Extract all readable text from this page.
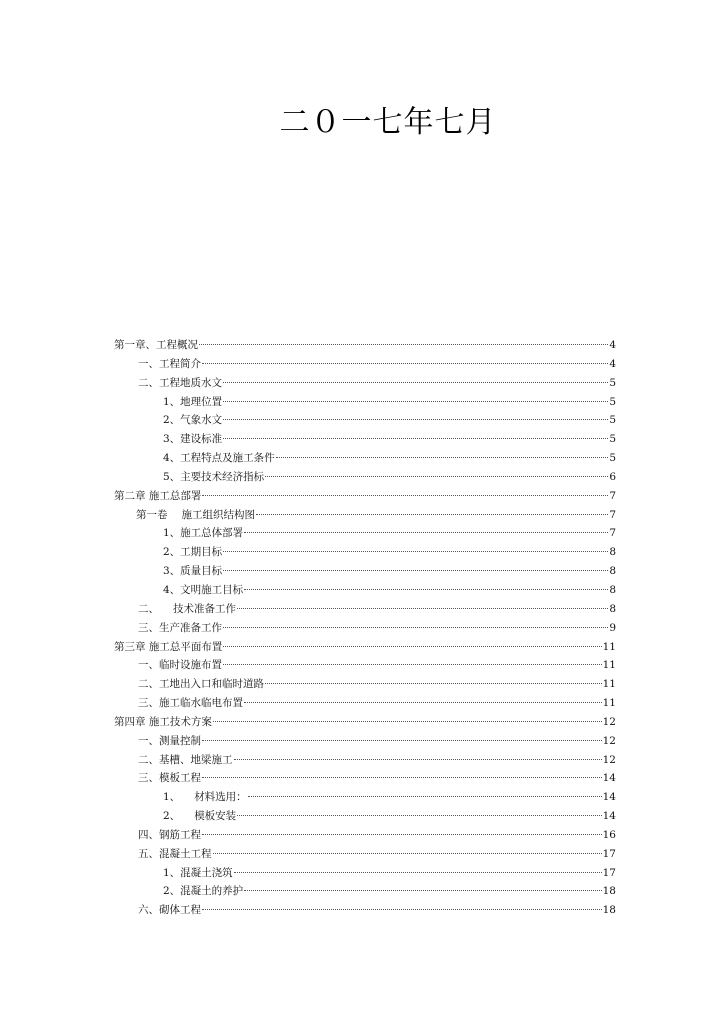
二０一七年七月
第一章、工程概况	4
一、工程简介	4
二、工程地质水文	5
1、地理位置	5
2、气象水文	5
3、建设标准	5
4、工程特点及施工条件	5
5、主要技术经济指标	6
第二章 施工总部署	7
第一卷 施工组织结构图	7
1、施工总体部署	7
2、工期目标	8
3、质量目标	8
4、文明施工目标	8
二、 技术准备工作	8
三、生产准备工作	9
第三章 施工总平面布置	11
一、临时设施布置	11
二、工地出入口和临时道路	11
三、施工临水临电布置	11
第四章 施工技术方案	12
一、测量控制	12
二、基槽、地梁施工	12
三、模板工程	14
1、 材料选用：	14
2、 模板安装	14
四、钢筋工程	16
五、混凝土工程	17
1、混凝土浇筑	17
2、混凝土的养护	18
六、砌体工程	18
